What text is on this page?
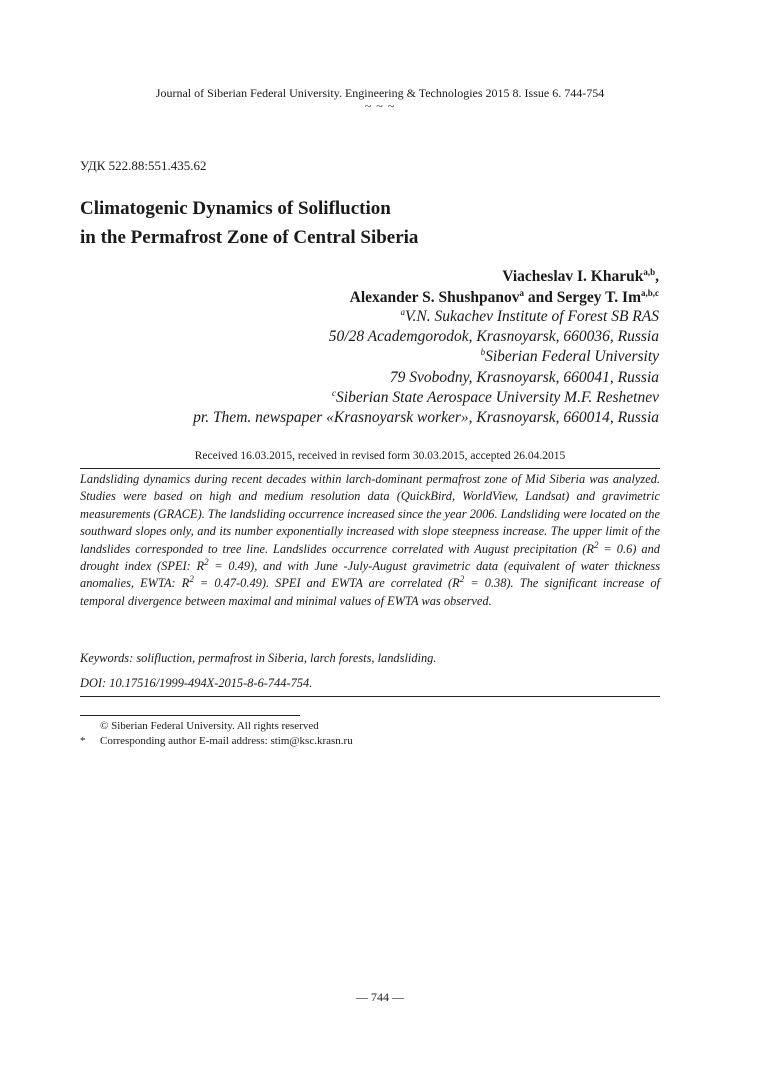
Journal of Siberian Federal University. Engineering & Technologies 2015 8. Issue 6. 744-754
~ ~ ~
УДК 522.88:551.435.62
Climatogenic Dynamics of Solifluction
in the Permafrost Zone of Central Siberia
Viacheslav I. Kharuk$^{a,b}$,
Alexander S. Shushpanov$^a$ and Sergey T. Im$^{a,b,c}$
$^a$V.N. Sukachev Institute of Forest SB RAS
50/28 Academgorodok, Krasnoyarsk, 660036, Russia
$^b$Siberian Federal University
79 Svobodny, Krasnoyarsk, 660041, Russia
$^c$Siberian State Aerospace University M.F. Reshetnev
pr. Them. newspaper «Krasnoyarsk worker», Krasnoyarsk, 660014, Russia
Received 16.03.2015, received in revised form 30.03.2015, accepted 26.04.2015
Landsliding dynamics during recent decades within larch-dominant permafrost zone of Mid Siberia was analyzed. Studies were based on high and medium resolution data (QuickBird, WorldView, Landsat) and gravimetric measurements (GRACE). The landsliding occurrence increased since the year 2006. Landsliding were located on the southward slopes only, and its number exponentially increased with slope steepness increase. The upper limit of the landslides corresponded to tree line. Landslides occurrence correlated with August precipitation $(R^2 = 0.6)$ and drought index (SPEI: $R^2 = 0.49$), and with June -July-August gravimetric data (equivalent of water thickness anomalies, EWTA: $R^2 = 0.47-0.49$). SPEI and EWTA are correlated $(R^2 = 0.38)$. The significant increase of temporal divergence between maximal and minimal values of EWTA was observed.
Keywords: solifluction, permafrost in Siberia, larch forests, landsliding.
DOI: 10.17516/1999-494X-2015-8-6-744-754.
© Siberian Federal University. All rights reserved
* Corresponding author E-mail address: stim@ksc.krasn.ru
— 744 —
